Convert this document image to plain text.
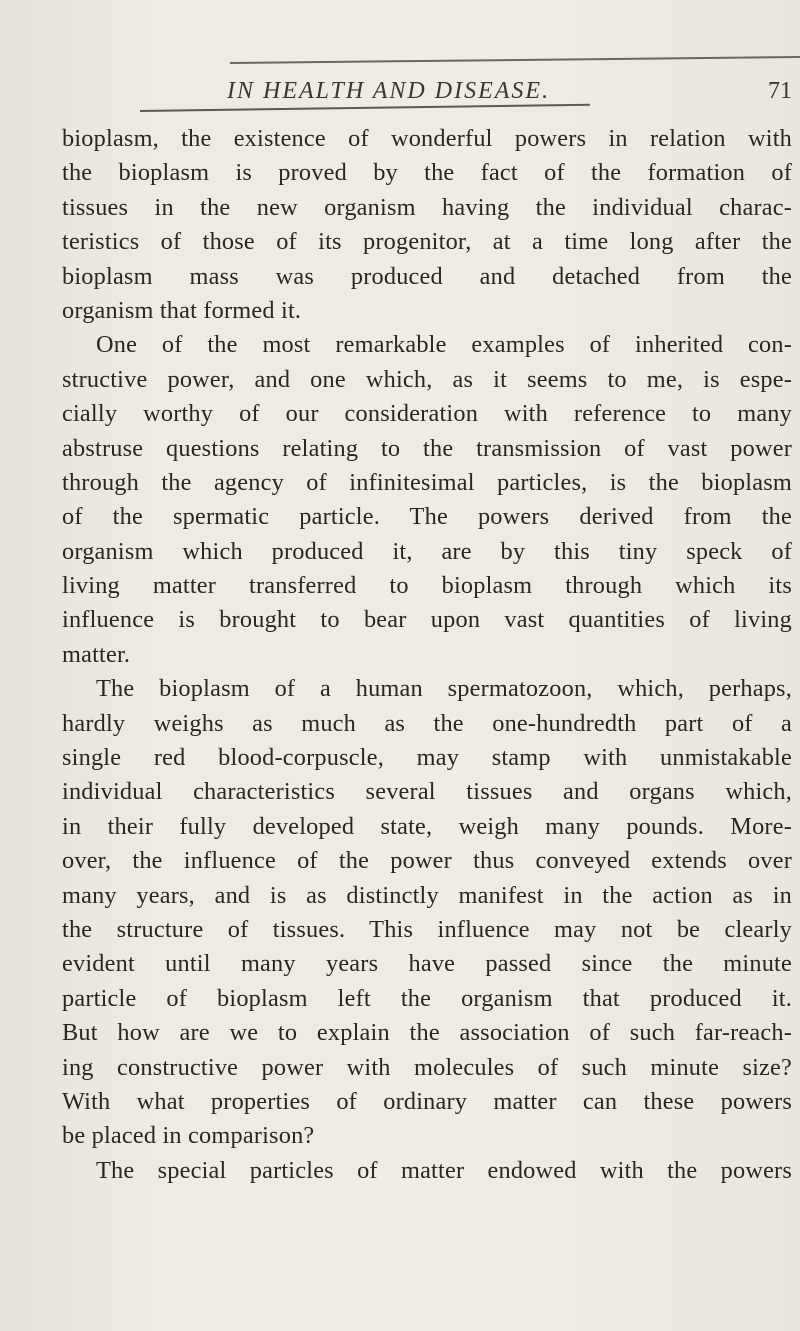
IN HEALTH AND DISEASE.	71
bioplasm, the existence of wonderful powers in relation with
the bioplasm is proved by the fact of the formation of
tissues in the new organism having the individual charac-
teristics of those of its progenitor, at a time long after the
bioplasm mass was produced and detached from the
organism that formed it.
One of the most remarkable examples of inherited con-
structive power, and one which, as it seems to me, is espe-
cially worthy of our consideration with reference to many
abstruse questions relating to the transmission of vast power
through the agency of infinitesimal particles, is the bioplasm
of the spermatic particle. The powers derived from the
organism which produced it, are by this tiny speck of
living matter transferred to bioplasm through which its
influence is brought to bear upon vast quantities of living
matter.
The bioplasm of a human spermatozoon, which, perhaps,
hardly weighs as much as the one-hundredth part of a
single red blood-corpuscle, may stamp with unmistakable
individual characteristics several tissues and organs which,
in their fully developed state, weigh many pounds. More-
over, the influence of the power thus conveyed extends over
many years, and is as distinctly manifest in the action as in
the structure of tissues. This influence may not be clearly
evident until many years have passed since the minute
particle of bioplasm left the organism that produced it.
But how are we to explain the association of such far-reach-
ing constructive power with molecules of such minute size?
With what properties of ordinary matter can these powers
be placed in comparison?
The special particles of matter endowed with the powers
